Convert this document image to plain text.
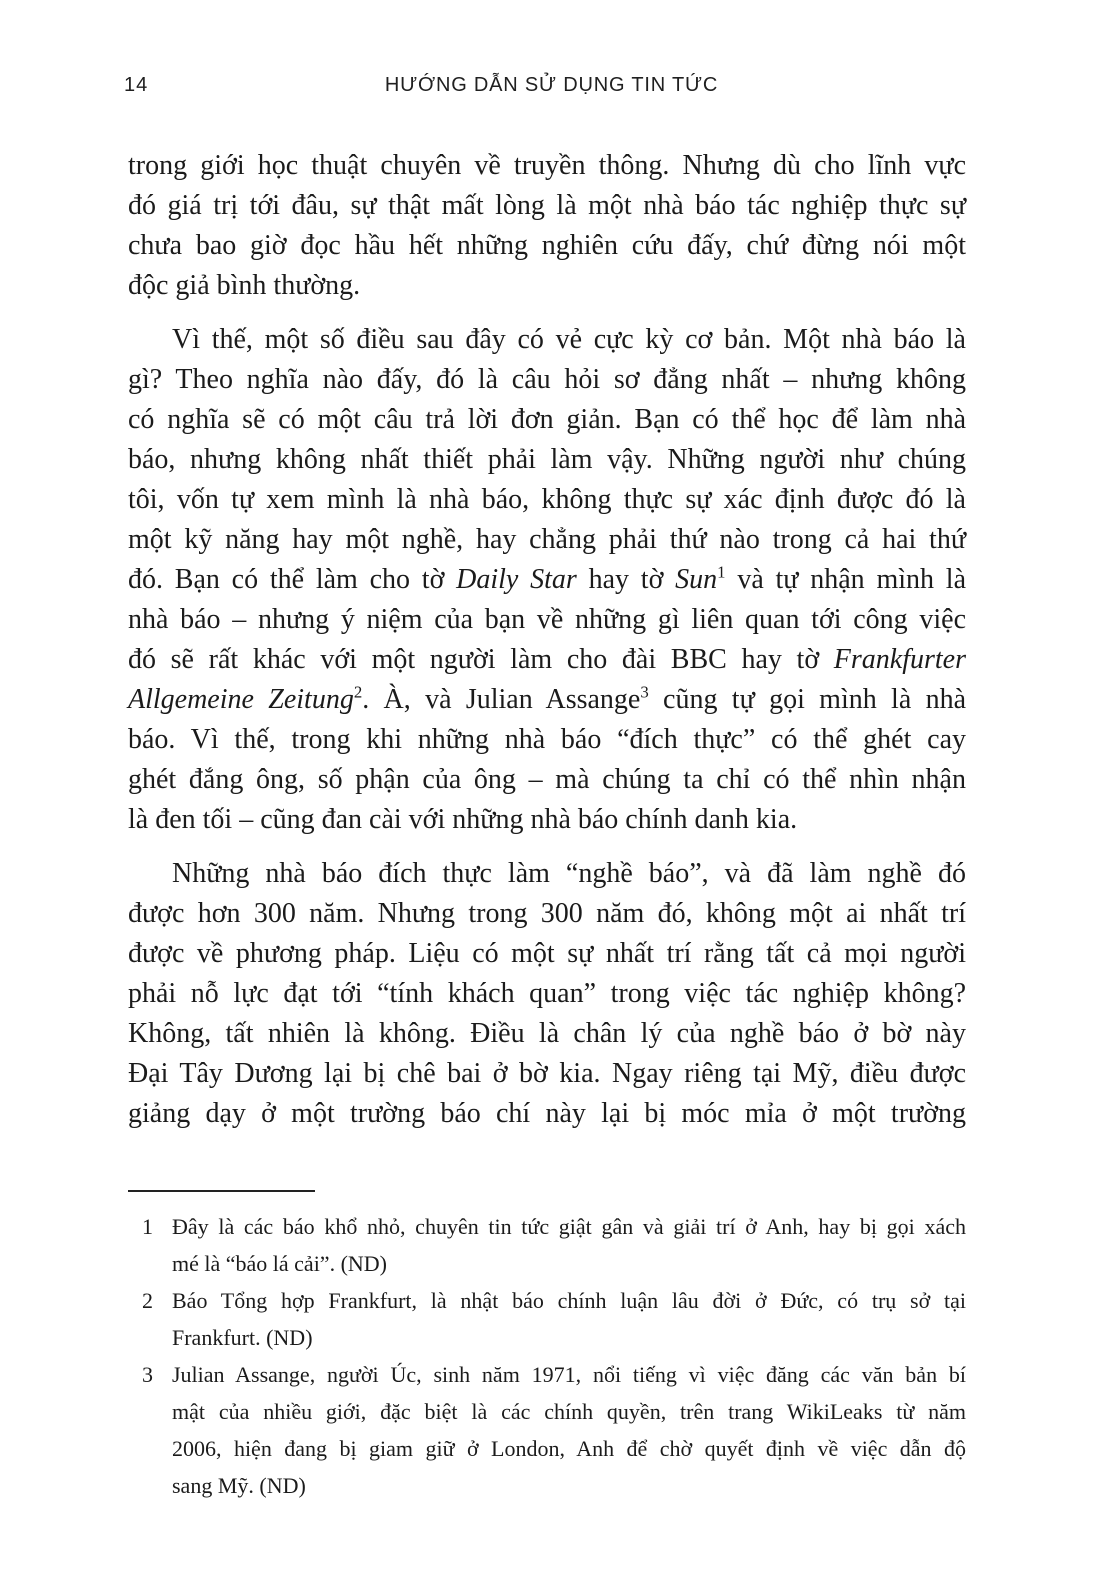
14	HƯỚNG DẪN SỬ DỤNG TIN TỨC
trong giới học thuật chuyên về truyền thông. Nhưng dù cho lĩnh vực
đó giá trị tới đâu, sự thật mất lòng là một nhà báo tác nghiệp thực sự
chưa bao giờ đọc hầu hết những nghiên cứu đấy, chứ đừng nói một
độc giả bình thường.
Vì thế, một số điều sau đây có vẻ cực kỳ cơ bản. Một nhà báo là
gì? Theo nghĩa nào đấy, đó là câu hỏi sơ đẳng nhất – nhưng không
có nghĩa sẽ có một câu trả lời đơn giản. Bạn có thể học để làm nhà
báo, nhưng không nhất thiết phải làm vậy. Những người như chúng
tôi, vốn tự xem mình là nhà báo, không thực sự xác định được đó là
một kỹ năng hay một nghề, hay chẳng phải thứ nào trong cả hai thứ
đó. Bạn có thể làm cho tờ Daily Star hay tờ Sun$^1$ và tự nhận mình là
nhà báo – nhưng ý niệm của bạn về những gì liên quan tới công việc
đó sẽ rất khác với một người làm cho đài BBC hay tờ Frankfurter
Allgemeine Zeitung$^2$. À, và Julian Assange$^3$ cũng tự gọi mình là nhà
báo. Vì thế, trong khi những nhà báo “đích thực” có thể ghét cay
ghét đắng ông, số phận của ông – mà chúng ta chỉ có thể nhìn nhận
là đen tối – cũng đan cài với những nhà báo chính danh kia.
Những nhà báo đích thực làm “nghề báo”, và đã làm nghề đó
được hơn 300 năm. Nhưng trong 300 năm đó, không một ai nhất trí
được về phương pháp. Liệu có một sự nhất trí rằng tất cả mọi người
phải nỗ lực đạt tới “tính khách quan” trong việc tác nghiệp không?
Không, tất nhiên là không. Điều là chân lý của nghề báo ở bờ này
Đại Tây Dương lại bị chê bai ở bờ kia. Ngay riêng tại Mỹ, điều được
giảng dạy ở một trường báo chí này lại bị móc mỉa ở một trường
1 Đây là các báo khổ nhỏ, chuyên tin tức giật gân và giải trí ở Anh, hay bị gọi xách
mé là “báo lá cải”. (ND)
2 Báo Tổng hợp Frankfurt, là nhật báo chính luận lâu đời ở Đức, có trụ sở tại
Frankfurt. (ND)
3 Julian Assange, người Úc, sinh năm 1971, nổi tiếng vì việc đăng các văn bản bí
mật của nhiều giới, đặc biệt là các chính quyền, trên trang WikiLeaks từ năm
2006, hiện đang bị giam giữ ở London, Anh để chờ quyết định về việc dẫn độ
sang Mỹ. (ND)
